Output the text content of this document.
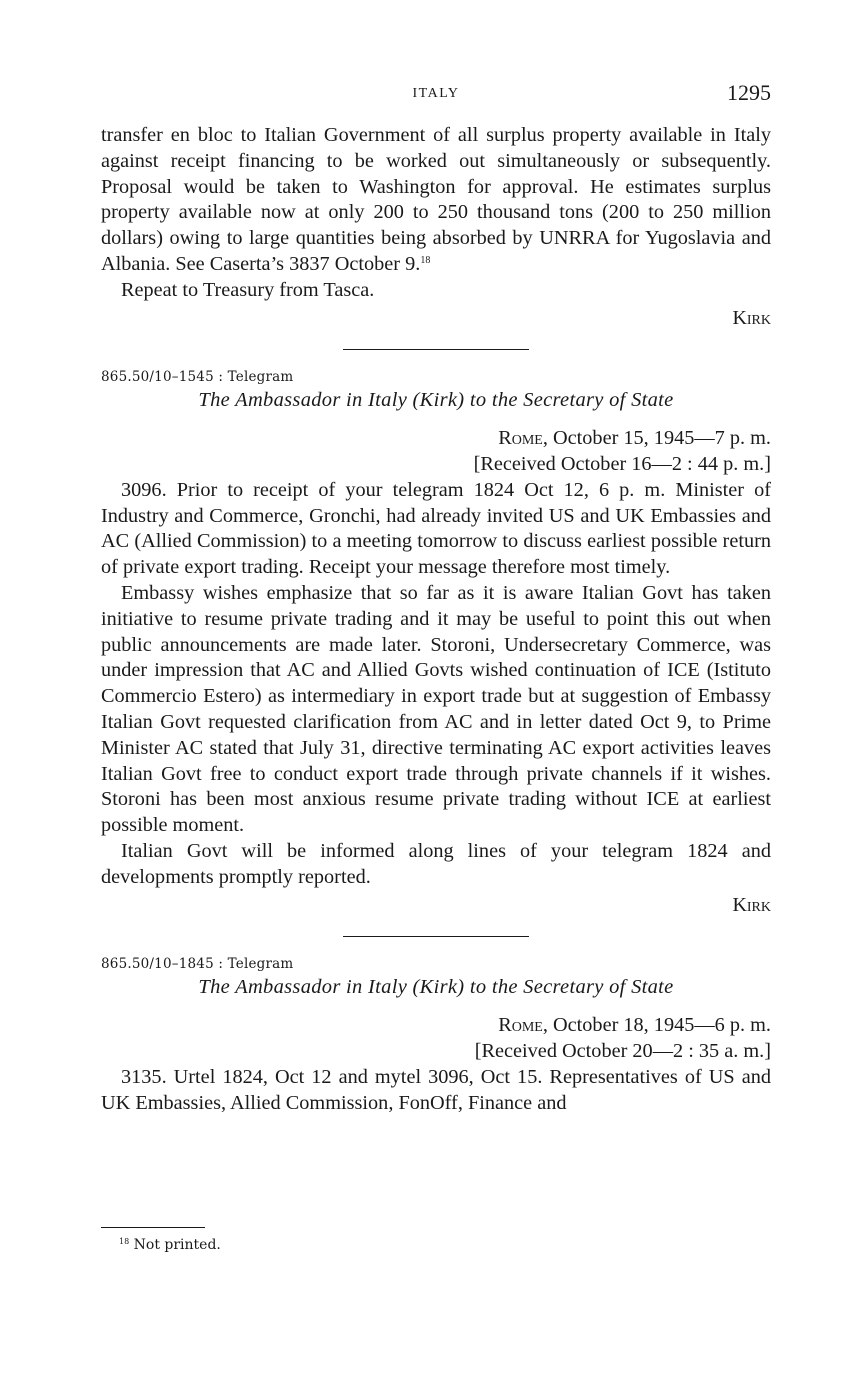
ITALY	1295

transfer en bloc to Italian Government of all surplus property available in Italy against receipt financing to be worked out simultaneously or subsequently. Proposal would be taken to Washington for approval. He estimates surplus property available now at only 200 to 250 thousand tons (200 to 250 million dollars) owing to large quantities being absorbed by UNRRA for Yugoslavia and Albania. See Caserta’s 3837 October 9.18

Repeat to Treasury from Tasca.

Kirk
865.50/10–1545 : Telegram
The Ambassador in Italy (Kirk) to the Secretary of State
Rome, October 15, 1945—7 p. m.
[Received October 16—2 : 44 p. m.]

3096. Prior to receipt of your telegram 1824 Oct 12, 6 p. m. Minister of Industry and Commerce, Gronchi, had already invited US and UK Embassies and AC (Allied Commission) to a meeting tomorrow to discuss earliest possible return of private export trading. Receipt your message therefore most timely.

Embassy wishes emphasize that so far as it is aware Italian Govt has taken initiative to resume private trading and it may be useful to point this out when public announcements are made later. Storoni, Undersecretary Commerce, was under impression that AC and Allied Govts wished continuation of ICE (Istituto Commercio Estero) as intermediary in export trade but at suggestion of Embassy Italian Govt requested clarification from AC and in letter dated Oct 9, to Prime Minister AC stated that July 31, directive terminating AC export activities leaves Italian Govt free to conduct export trade through private channels if it wishes. Storoni has been most anxious resume private trading without ICE at earliest possible moment.

Italian Govt will be informed along lines of your telegram 1824 and developments promptly reported.

Kirk
865.50/10–1845 : Telegram
The Ambassador in Italy (Kirk) to the Secretary of State
Rome, October 18, 1945—6 p. m.
[Received October 20—2 : 35 a. m.]

3135. Urtel 1824, Oct 12 and mytel 3096, Oct 15. Representatives of US and UK Embassies, Allied Commission, FonOff, Finance and

$^{18}$ Not printed.
